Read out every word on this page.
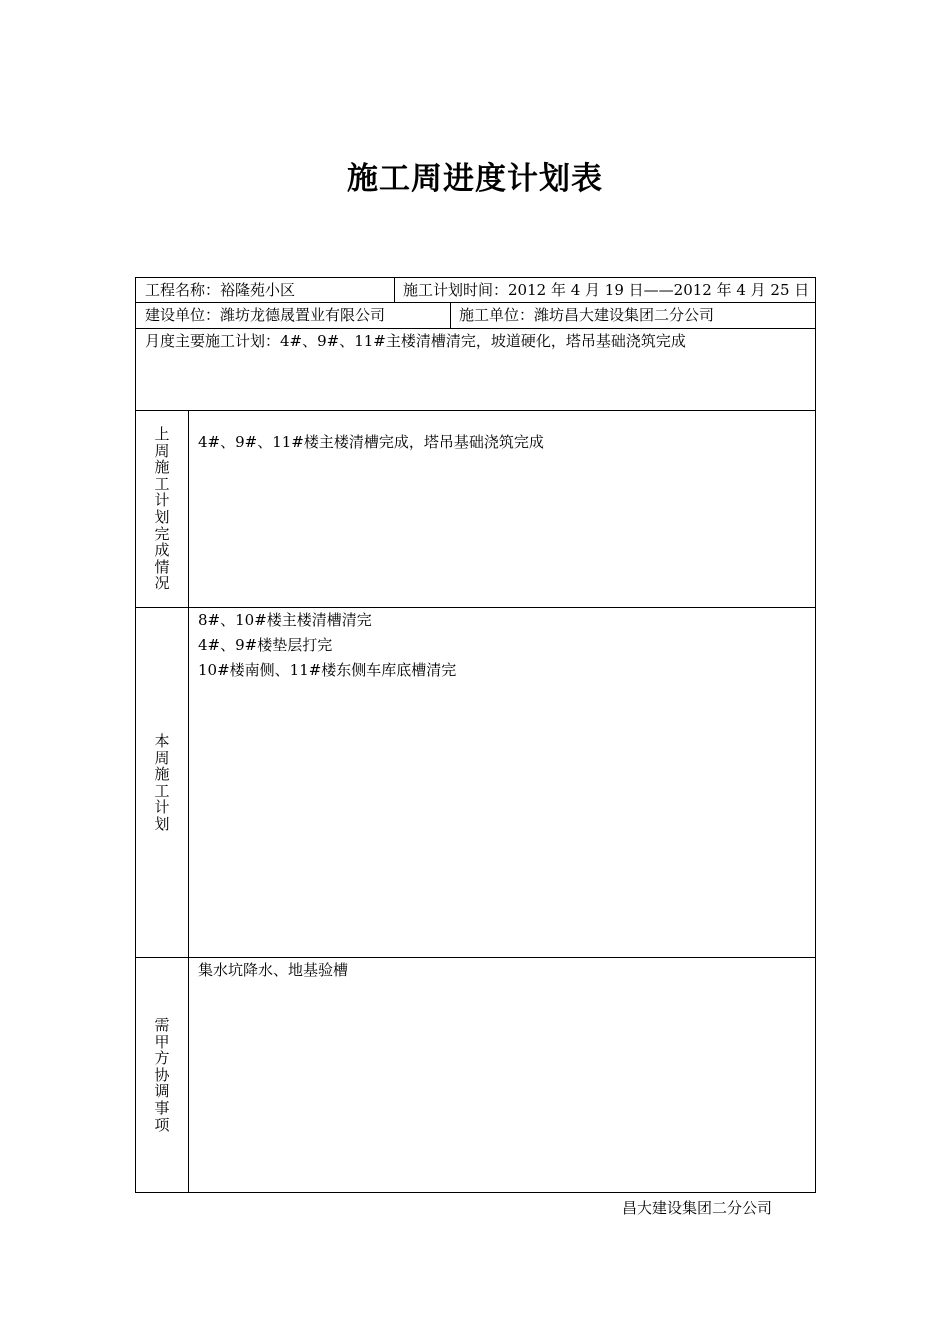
施工周进度计划表
工程名称：裕隆苑小区	施工计划时间：2012 年 4 月 19 日——2012 年 4 月 25 日
建设单位：潍坊龙德晟置业有限公司	施工单位：潍坊昌大建设集团二分公司
月度主要施工计划：4#、9#、11#主楼清槽清完，坡道硬化，塔吊基础浇筑完成
上
周
施
工
计
划
完
成
情
况
4#、9#、11#楼主楼清槽完成，塔吊基础浇筑完成
本
周
施
工
计
划
8#、10#楼主楼清槽清完
4#、9#楼垫层打完
10#楼南侧、11#楼东侧车库底槽清完
需
甲
方
协
调
事
项
集水坑降水、地基验槽
昌大建设集团二分公司
